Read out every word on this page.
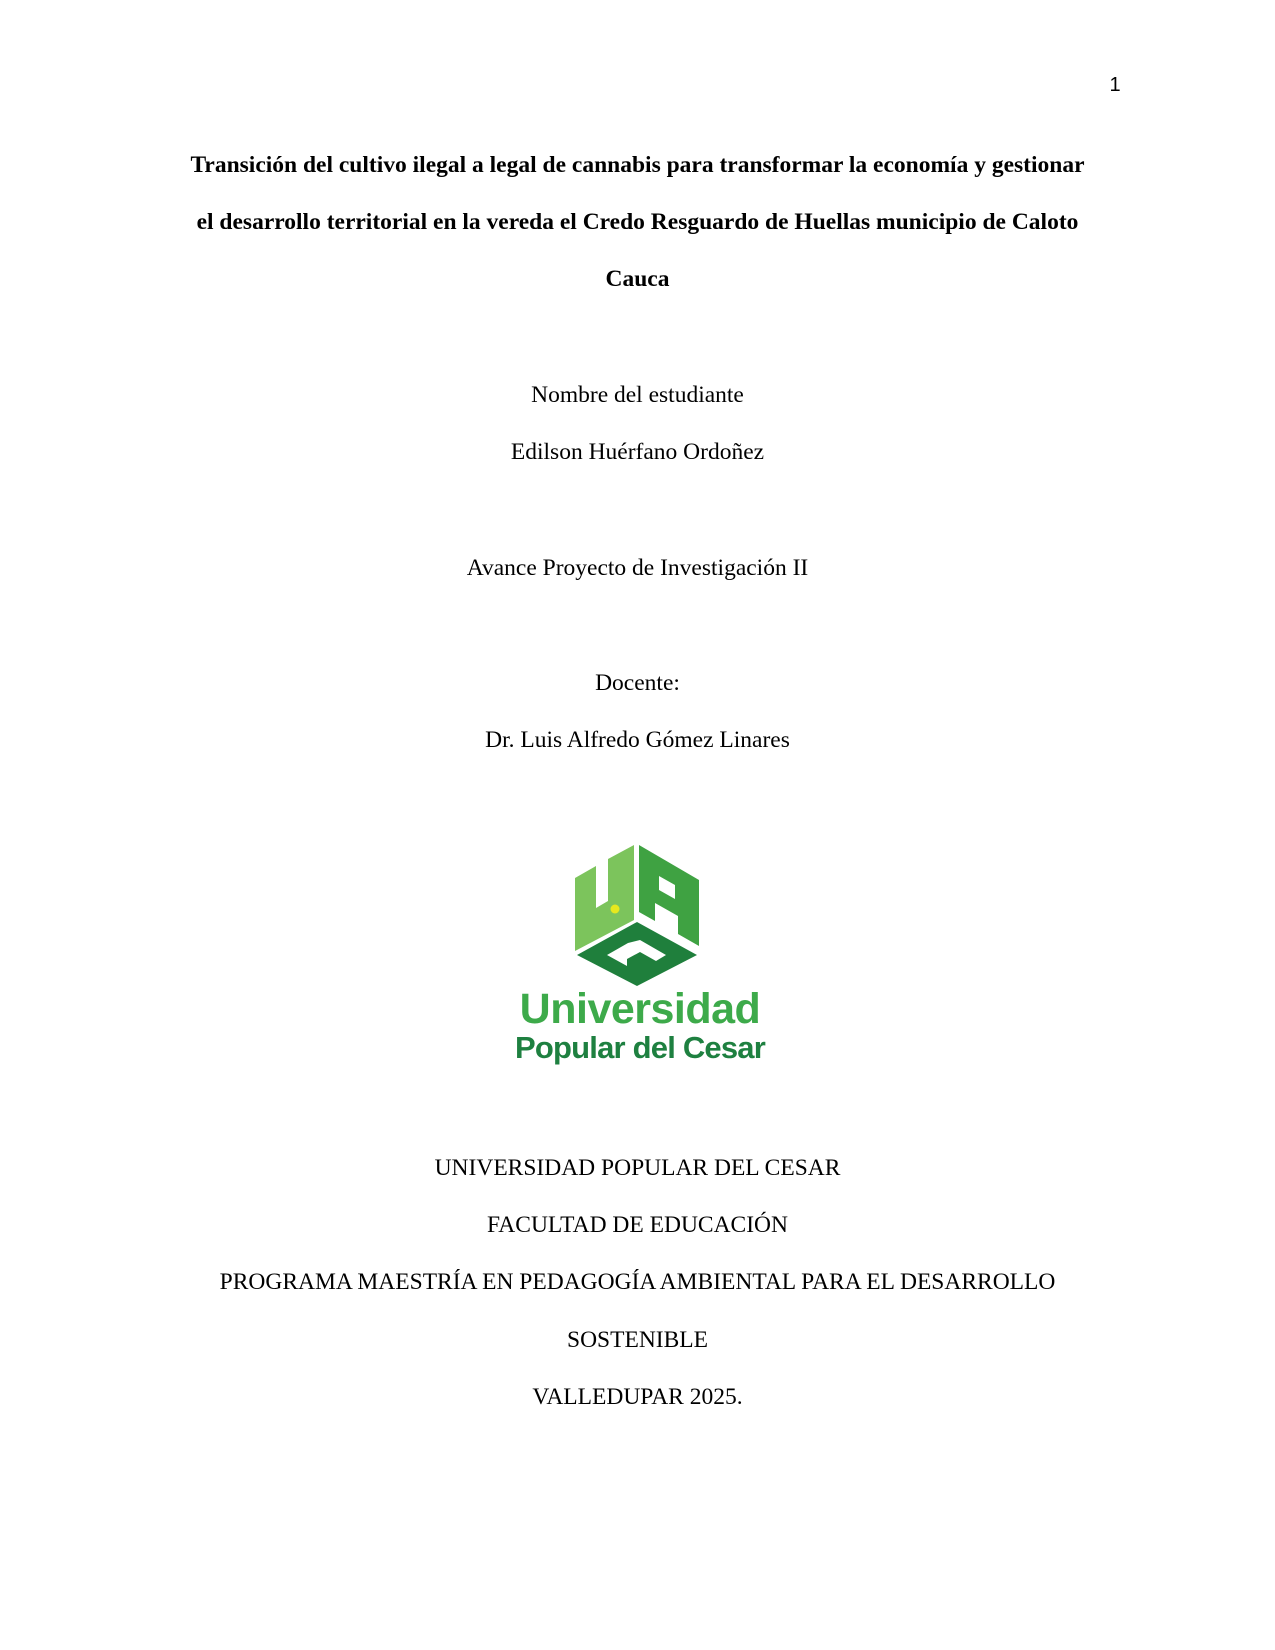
1
Transición del cultivo ilegal a legal de cannabis para transformar la economía y gestionar
el desarrollo territorial en la vereda el Credo Resguardo de Huellas municipio de Caloto
Cauca
Nombre del estudiante
Edilson Huérfano Ordoñez
Avance Proyecto de Investigación II
Docente:
Dr. Luis Alfredo Gómez Linares
Universidad
Popular del Cesar
UNIVERSIDAD POPULAR DEL CESAR
FACULTAD DE EDUCACIÓN
PROGRAMA MAESTRÍA EN PEDAGOGÍA AMBIENTAL PARA EL DESARROLLO
SOSTENIBLE
VALLEDUPAR 2025.
